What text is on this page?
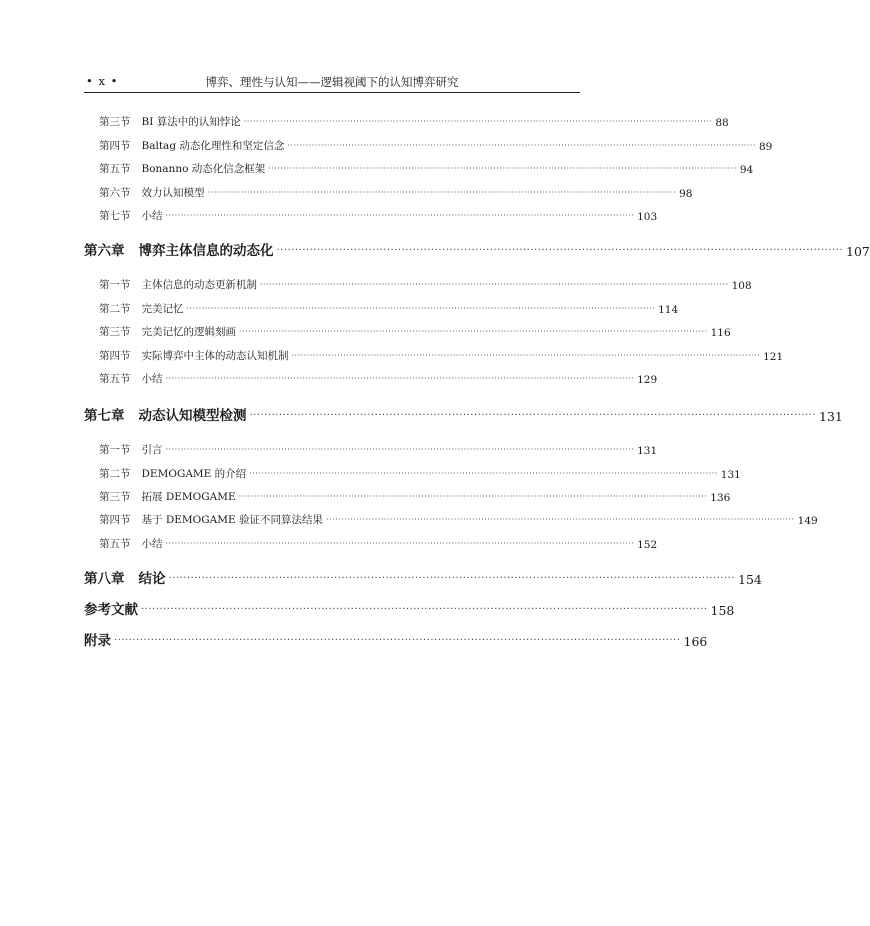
• x •	博弈、理性与认知——逻辑视阈下的认知博弈研究
第三节 BI 算法中的认知悖论 ·························································································································································· 88
第四节 Baltag 动态化理性和坚定信念 ·························································································································································· 89
第五节 Bonanno 动态化信念框架 ·························································································································································· 94
第六节 效力认知模型 ·························································································································································· 98
第七节 小结 ·························································································································································· 103
第六章 博弈主体信息的动态化 ·························································································································································· 107
第一节 主体信息的动态更新机制 ·························································································································································· 108
第二节 完美记忆 ·························································································································································· 114
第三节 完美记忆的逻辑刻画 ·························································································································································· 116
第四节 实际博弈中主体的动态认知机制 ·························································································································································· 121
第五节 小结 ·························································································································································· 129
第七章 动态认知模型检测 ·························································································································································· 131
第一节 引言 ·························································································································································· 131
第二节 DEMOGAME 的介绍 ·························································································································································· 131
第三节 拓展 DEMOGAME ·························································································································································· 136
第四节 基于 DEMOGAME 验证不同算法结果 ·························································································································································· 149
第五节 小结 ·························································································································································· 152
第八章 结论 ·························································································································································· 154
参考文献 ·························································································································································· 158
附录 ·························································································································································· 166
